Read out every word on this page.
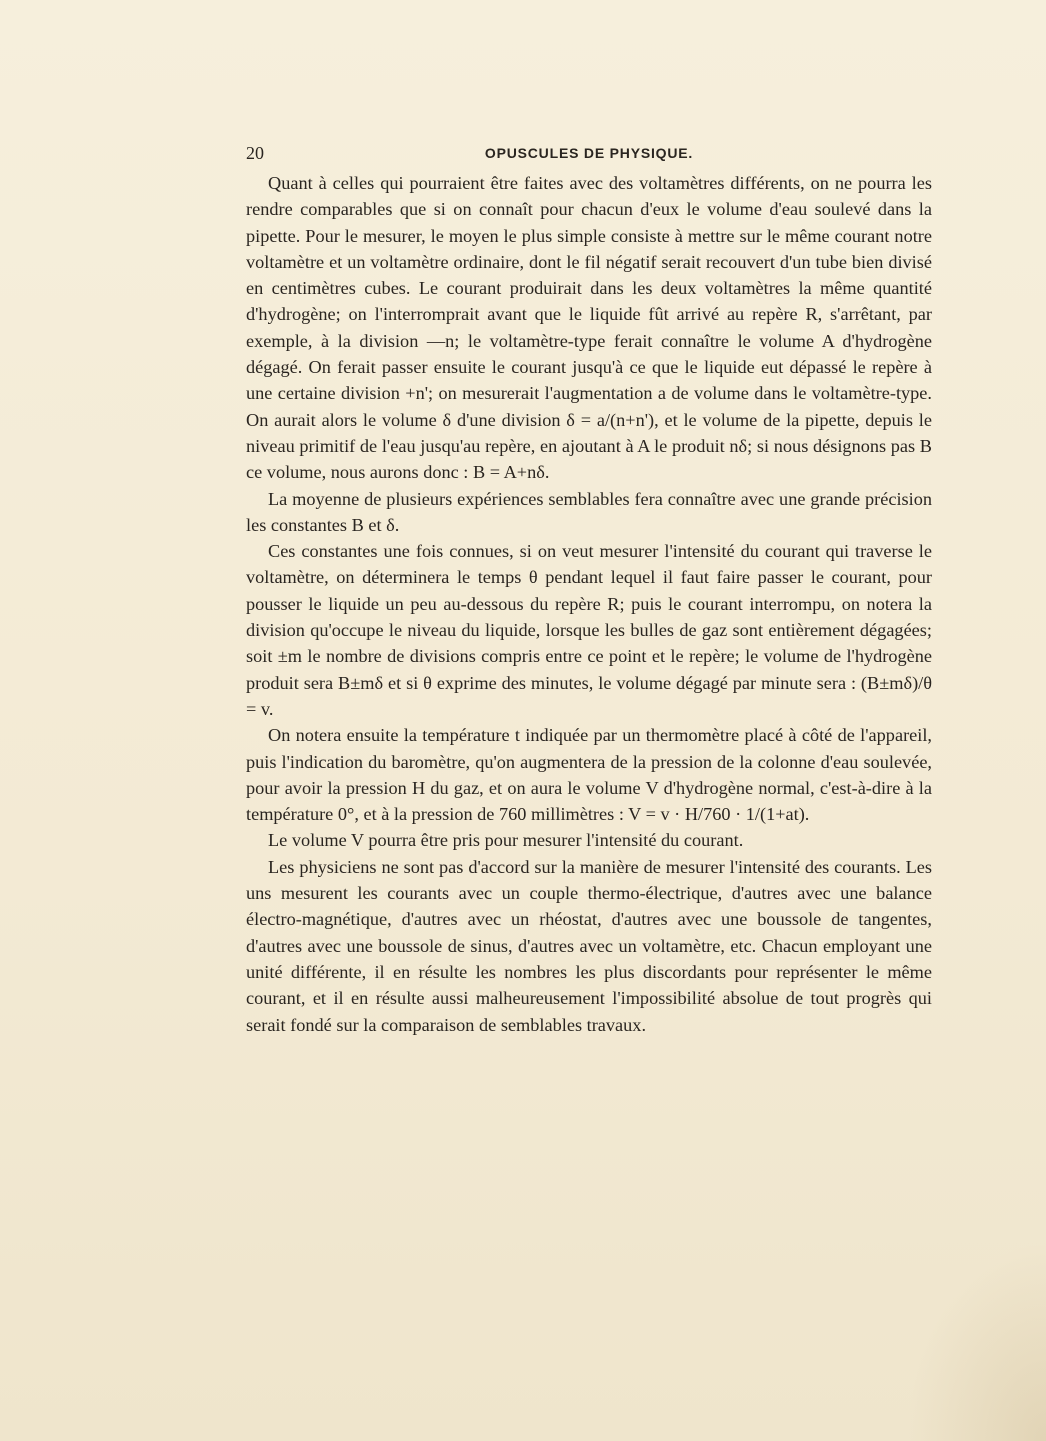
20	OPUSCULES DE PHYSIQUE.

Quant à celles qui pourraient être faites avec des voltamètres différents, on ne pourra les rendre comparables que si on connaît pour chacun d'eux le volume d'eau soulevé dans la pipette. Pour le mesurer, le moyen le plus simple consiste à mettre sur le même courant notre voltamètre et un voltamètre ordinaire, dont le fil négatif serait recouvert d'un tube bien divisé en centimètres cubes. Le courant produirait dans les deux voltamètres la même quantité d'hydrogène; on l'interromprait avant que le liquide fût arrivé au repère R, s'arrêtant, par exemple, à la division —n; le voltamètre-type ferait connaître le volume A d'hydrogène dégagé. On ferait passer ensuite le courant jusqu'à ce que le liquide eut dépassé le repère à une certaine division +n'; on mesurerait l'augmentation a de volume dans le voltamètre-type. On aurait alors le volume δ d'une division δ = a/(n+n'), et le volume de la pipette, depuis le niveau primitif de l'eau jusqu'au repère, en ajoutant à A le produit nδ; si nous désignons pas B ce volume, nous aurons donc : B = A+nδ.

La moyenne de plusieurs expériences semblables fera connaître avec une grande précision les constantes B et δ.

Ces constantes une fois connues, si on veut mesurer l'intensité du courant qui traverse le voltamètre, on déterminera le temps θ pendant lequel il faut faire passer le courant, pour pousser le liquide un peu au-dessous du repère R; puis le courant interrompu, on notera la division qu'occupe le niveau du liquide, lorsque les bulles de gaz sont entièrement dégagées; soit ±m le nombre de divisions compris entre ce point et le repère; le volume de l'hydrogène produit sera B±mδ et si θ exprime des minutes, le volume dégagé par minute sera : (B±mδ)/θ = v.

On notera ensuite la température t indiquée par un thermomètre placé à côté de l'appareil, puis l'indication du baromètre, qu'on augmentera de la pression de la colonne d'eau soulevée, pour avoir la pression H du gaz, et on aura le volume V d'hydrogène normal, c'est-à-dire à la température 0°, et à la pression de 760 millimètres : V = v · H/760 · 1/(1+at).

Le volume V pourra être pris pour mesurer l'intensité du courant.

Les physiciens ne sont pas d'accord sur la manière de mesurer l'intensité des courants. Les uns mesurent les courants avec un couple thermo-électrique, d'autres avec une balance électro-magnétique, d'autres avec un rhéostat, d'autres avec une boussole de tangentes, d'autres avec une boussole de sinus, d'autres avec un voltamètre, etc. Chacun employant une unité différente, il en résulte les nombres les plus discordants pour représenter le même courant, et il en résulte aussi malheureusement l'impossibilité absolue de tout progrès qui serait fondé sur la comparaison de semblables travaux.
